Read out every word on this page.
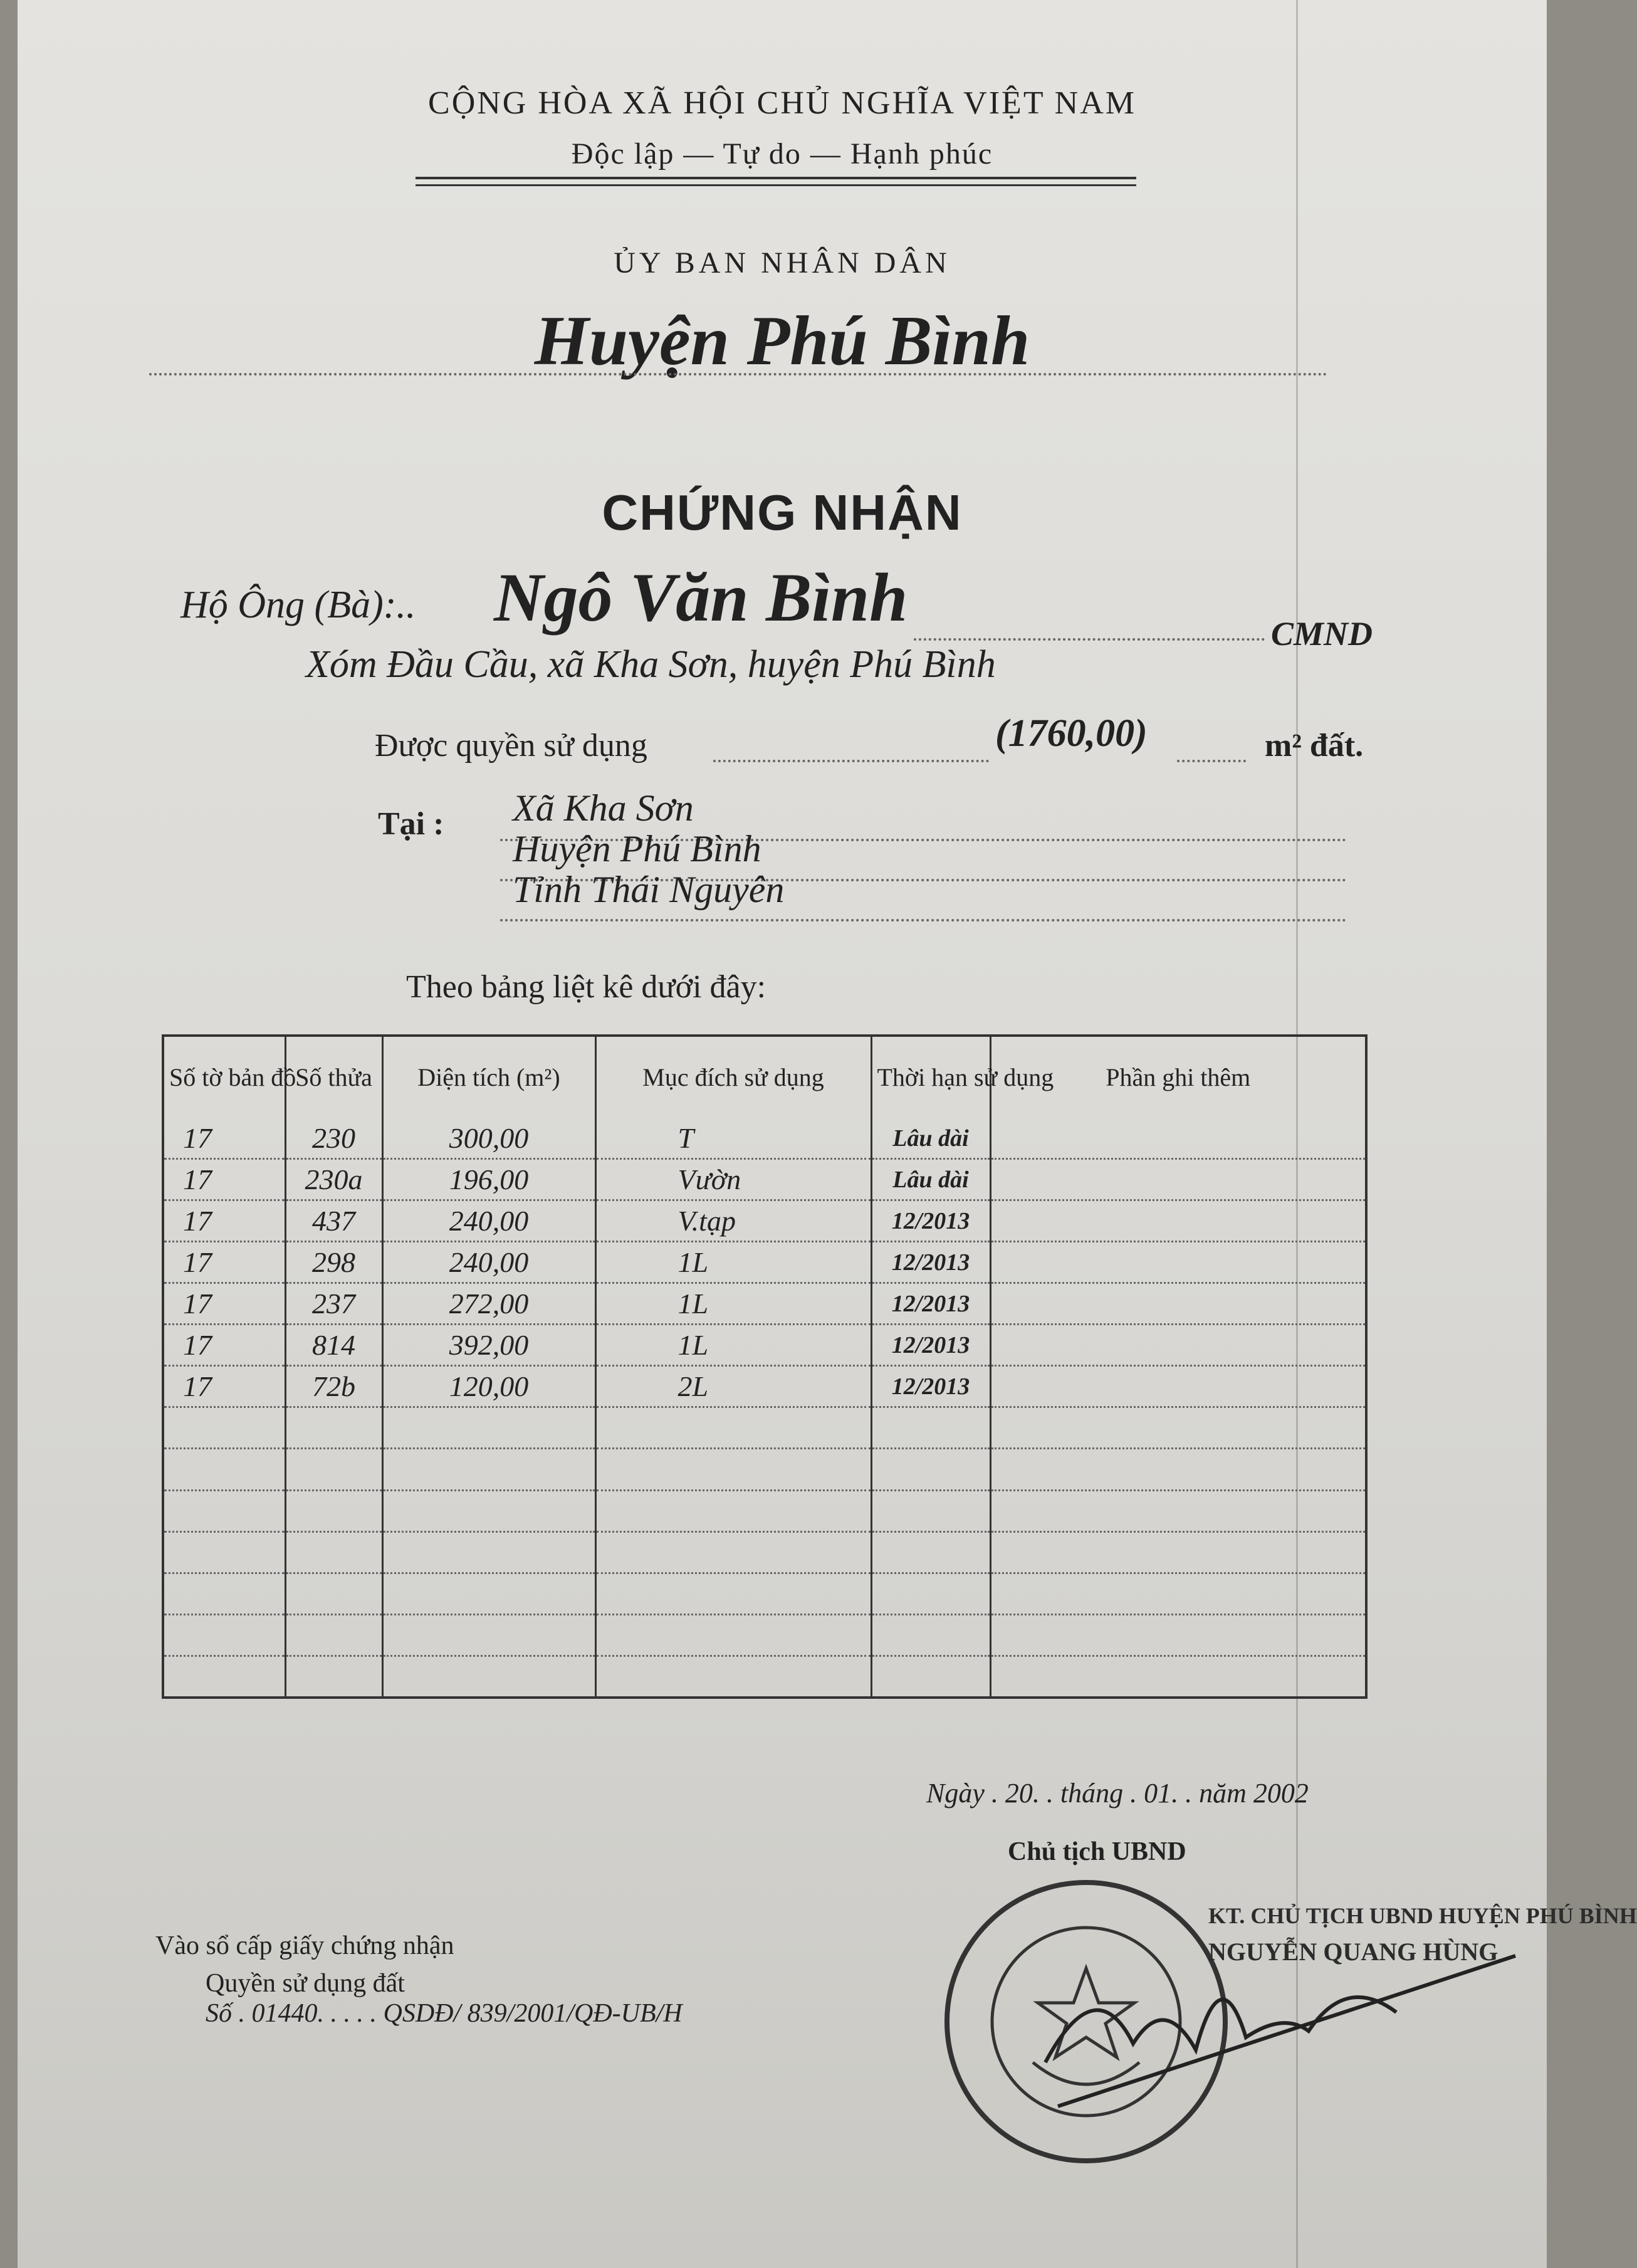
CỘNG HÒA XÃ HỘI CHỦ NGHĨA VIỆT NAM

Độc lập — Tự do — Hạnh phúc

ỦY BAN NHÂN DÂN

Huyện Phú Bình

CHỨNG NHẬN

Hộ Ông (Bà):.. Ngô Văn Bình	CMND

Xóm Đầu Cầu, xã Kha Sơn, huyện Phú Bình

Được quyền sử dụng	(1760,00)	m² đất.

Tại : Xã Kha Sơn

Huyện Phú Bình

Tỉnh Thái Nguyên

Theo bảng liệt kê dưới đây:

Số tờ bản đồ	Số thửa	Diện tích (m²)	Mục đích sử dụng	Thời hạn sử dụng	Phần ghi thêm
17	230	300,00	T	Lâu dài	
17	230a	196,00	Vườn	Lâu dài	
17	437	240,00	V.tạp	12/2013	
17	298	240,00	1L	12/2013	
17	237	272,00	1L	12/2013	
17	814	392,00	1L	12/2013	
17	72b	120,00	2L	12/2013	

Ngày . 20. . tháng . 01. . năm 2002

Chủ tịch UBND

KT. CHỦ TỊCH UBND HUYỆN PHÚ BÌNH

NGUYỄN QUANG HÙNG

Vào sổ cấp giấy chứng nhận

Quyền sử dụng đất

Số . 01440. . . . . QSDĐ/ 839/2001/QĐ-UB/H
